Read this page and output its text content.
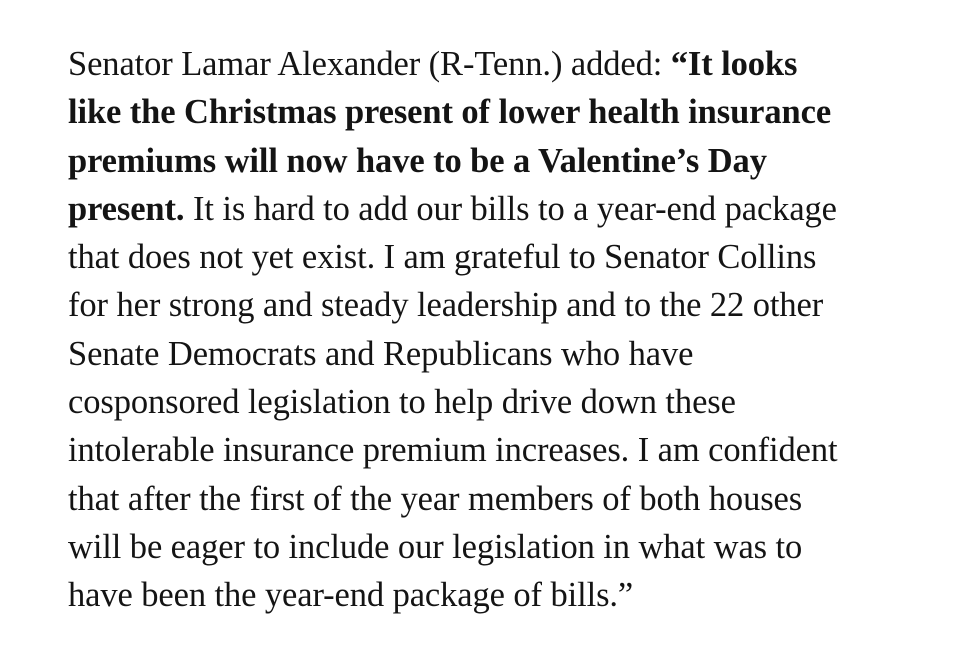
Senator Lamar Alexander (R-Tenn.) added: “It looks
like the Christmas present of lower health insurance
premiums will now have to be a Valentine’s Day
present. It is hard to add our bills to a year-end package
that does not yet exist. I am grateful to Senator Collins
for her strong and steady leadership and to the 22 other
Senate Democrats and Republicans who have
cosponsored legislation to help drive down these
intolerable insurance premium increases. I am confident
that after the first of the year members of both houses
will be eager to include our legislation in what was to
have been the year-end package of bills.”
